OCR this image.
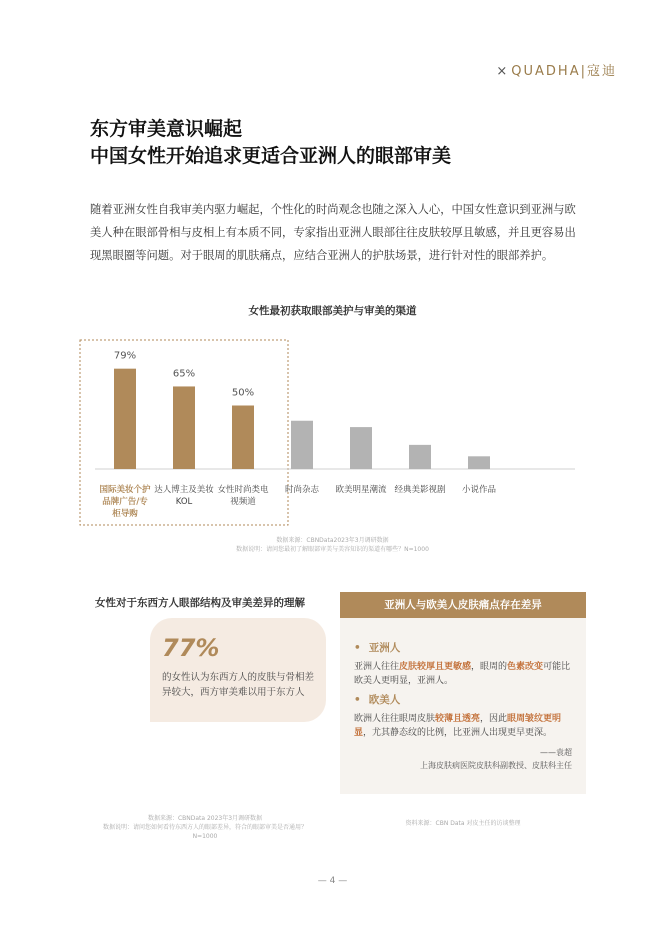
× QUADHA|寇迪
东方审美意识崛起
中国女性开始追求更适合亚洲人的眼部审美

随着亚洲女性自我审美内驱力崛起，个性化的时尚观念也随之深入人心，中国女性意识到亚洲与欧美人种在眼部骨相与皮相上有本质不同，专家指出亚洲人眼部往往皮肤较厚且敏感，并且更容易出现黑眼圈等问题。对于眼周的肌肤痛点，应结合亚洲人的护肤场景，进行针对性的眼部养护。

女性最初获取眼部美护与审美的渠道
79%
国际美妆个护
品牌广告/专
柜导购
65%
达人博主及美妆
KOL
50%
女性时尚类电
视频道
时尚杂志 欧美明星潮流 经典美影视剧 小说作品
数据来源：CBNData2023年3月调研数据
数据说明：请问您最初了解眼部审美与美容知识的渠道有哪些？N=1000
女性对于东西方人眼部结构及审美差异的理解
77%
的女性认为东西方人的皮肤与骨相差异较大，西方审美难以用于东方人
数据来源：CBNData 2023年3月调研数据
数据说明：请问您如何看待东西方人的眼部差异，符合的眼部审美是否通用？
N=1000
亚洲人与欧美人皮肤痛点存在差异
• 亚洲人
亚洲人往往皮肤较厚且更敏感，眼周的色素改变可能比欧美人更明显，亚洲人。
• 欧美人
欧洲人往往眼周皮肤较薄且透亮，因此眼周皱纹更明显，尤其静态纹的比例，比亚洲人出现更早更深。
——袁超
上海皮肤病医院皮肤科副教授、皮肤科主任
资料来源：CBN Data 对皮主任的访谈整理
— 4 —
